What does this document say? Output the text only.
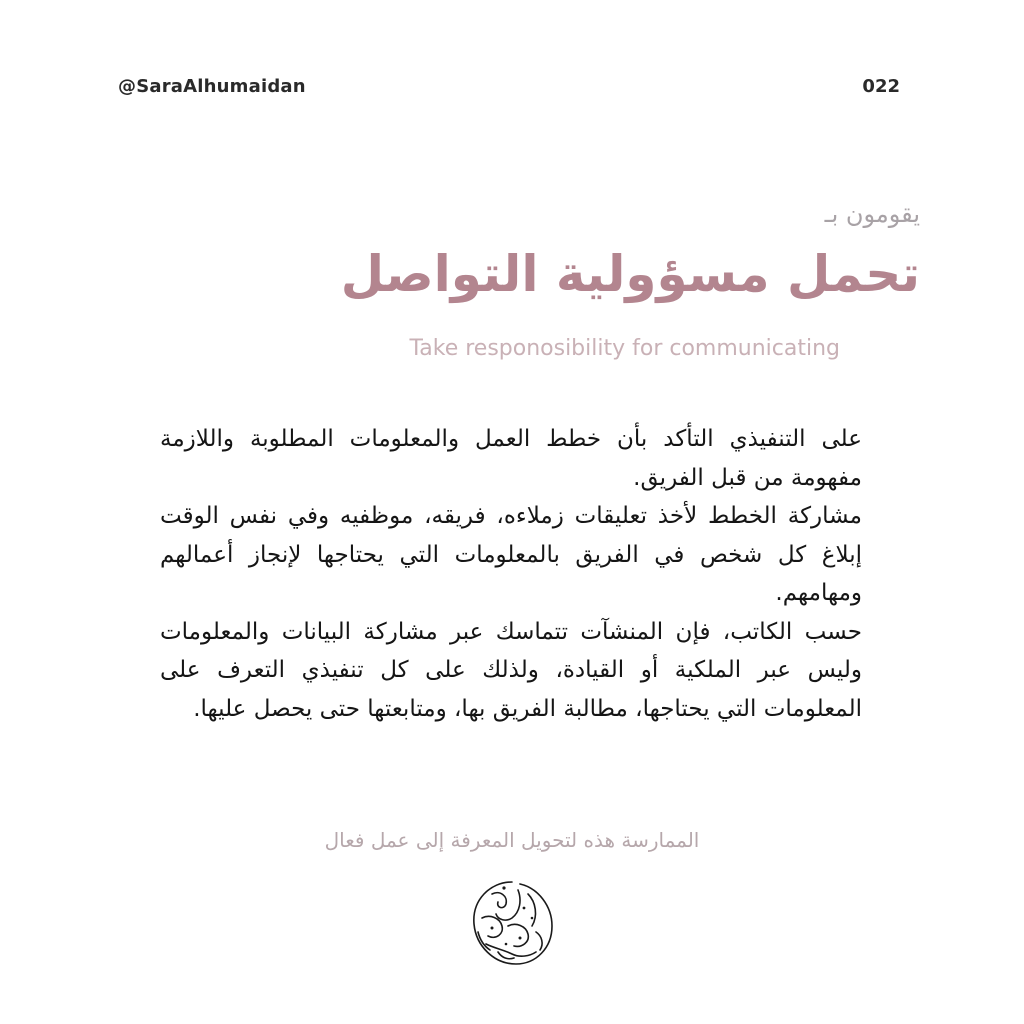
@SaraAlhumaidan	022
يقومون بـ
تحمل مسؤولية التواصل
Take responosibility for communicating

على التنفيذي التأكد بأن خطط العمل والمعلومات المطلوبة واللازمة مفهومة من قبل الفريق.

مشاركة الخطط لأخذ تعليقات زملاءه، فريقه، موظفيه وفي نفس الوقت إبلاغ كل شخص في الفريق بالمعلومات التي يحتاجها لإنجاز أعمالهم ومهامهم.

حسب الكاتب، فإن المنشآت تتماسك عبر مشاركة البيانات والمعلومات وليس عبر الملكية أو القيادة، ولذلك على كل تنفيذي التعرف على المعلومات التي يحتاجها، مطالبة الفريق بها، ومتابعتها حتى يحصل عليها.

الممارسة هذه لتحويل المعرفة إلى عمل فعال
